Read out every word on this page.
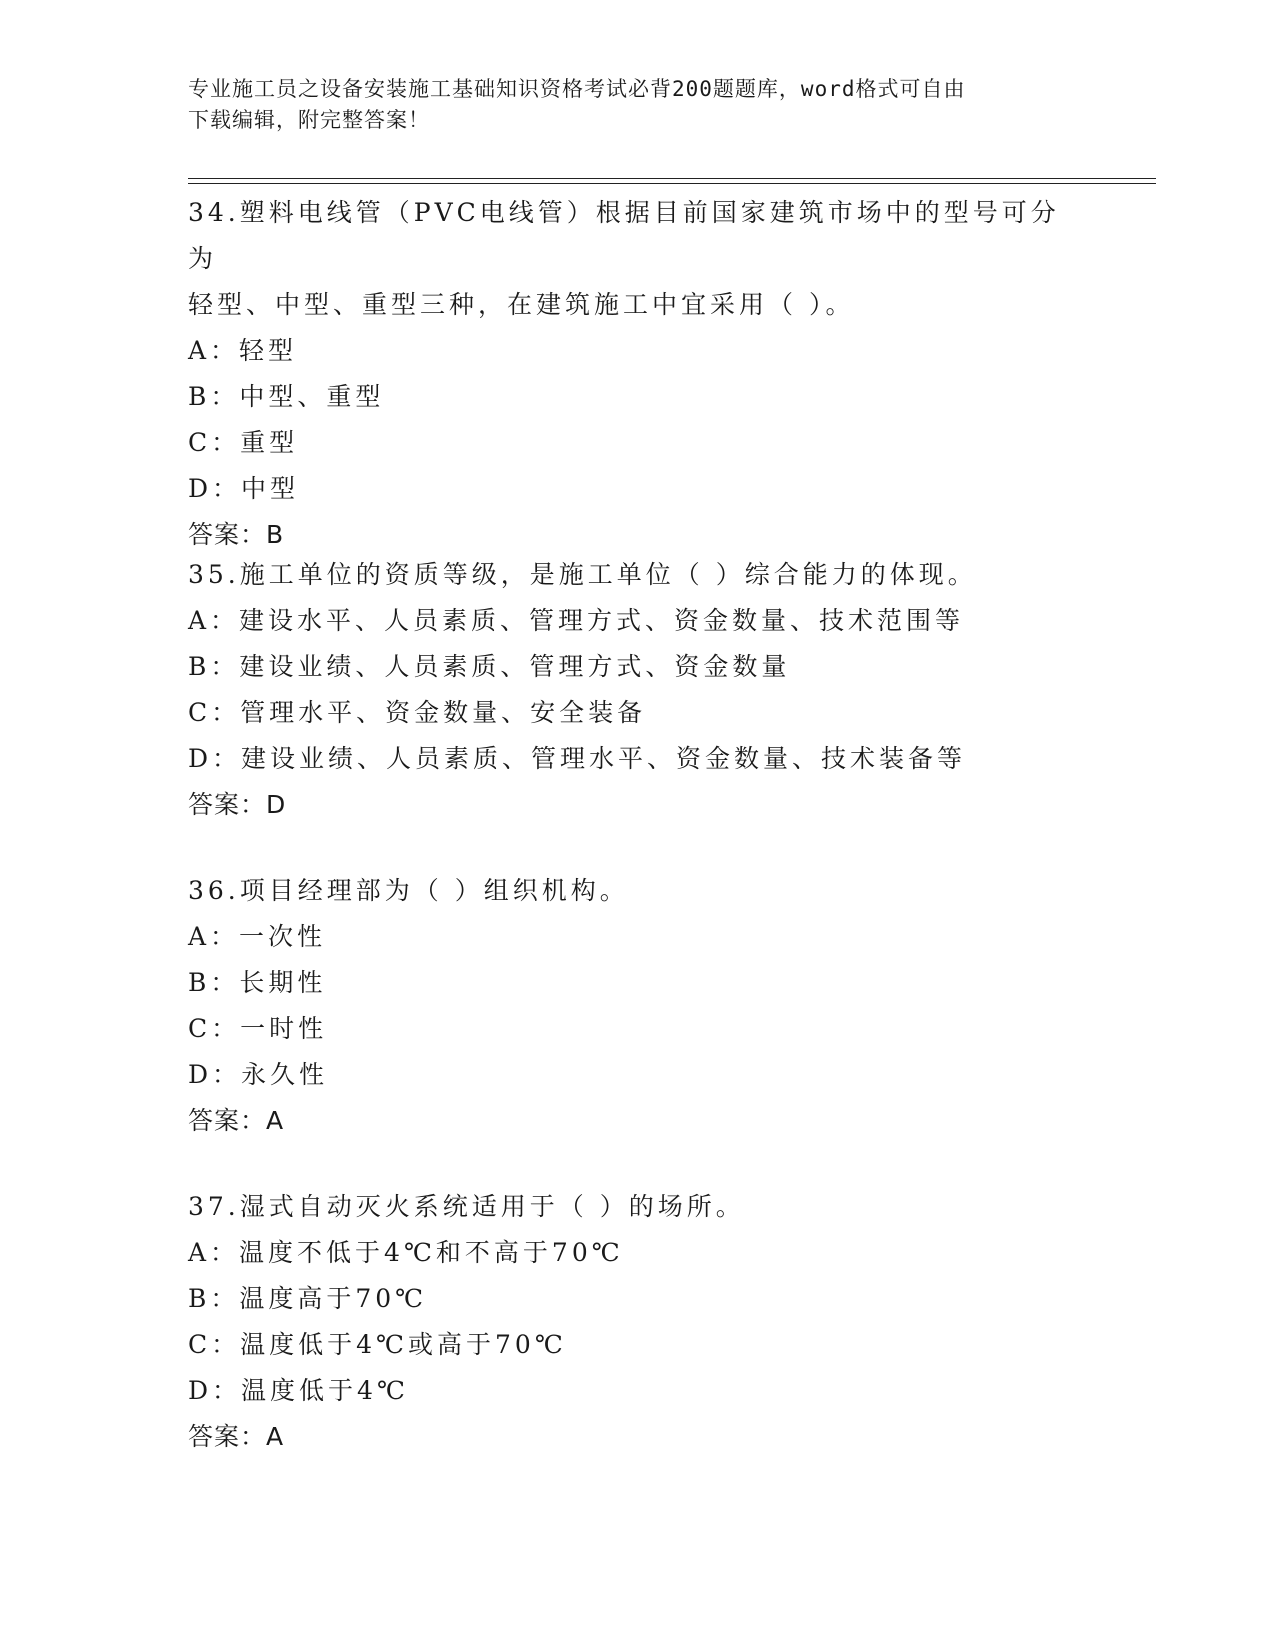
专业施工员之设备安装施工基础知识资格考试必背200题题库，word格式可自由
下载编辑，附完整答案！
34.塑料电线管（PVC电线管）根据目前国家建筑市场中的型号可分为
轻型、中型、重型三种，在建筑施工中宜采用（ ）。
A：轻型
B：中型、重型
C：重型
D：中型
答案：B
35.施工单位的资质等级，是施工单位（ ）综合能力的体现。
A：建设水平、人员素质、管理方式、资金数量、技术范围等
B：建设业绩、人员素质、管理方式、资金数量
C：管理水平、资金数量、安全装备
D：建设业绩、人员素质、管理水平、资金数量、技术装备等
答案：D
36.项目经理部为（ ）组织机构。
A：一次性
B：长期性
C：一时性
D：永久性
答案：A
37.湿式自动灭火系统适用于（ ）的场所。
A：温度不低于4℃和不高于70℃
B：温度高于70℃
C：温度低于4℃或高于70℃
D：温度低于4℃
答案：A
